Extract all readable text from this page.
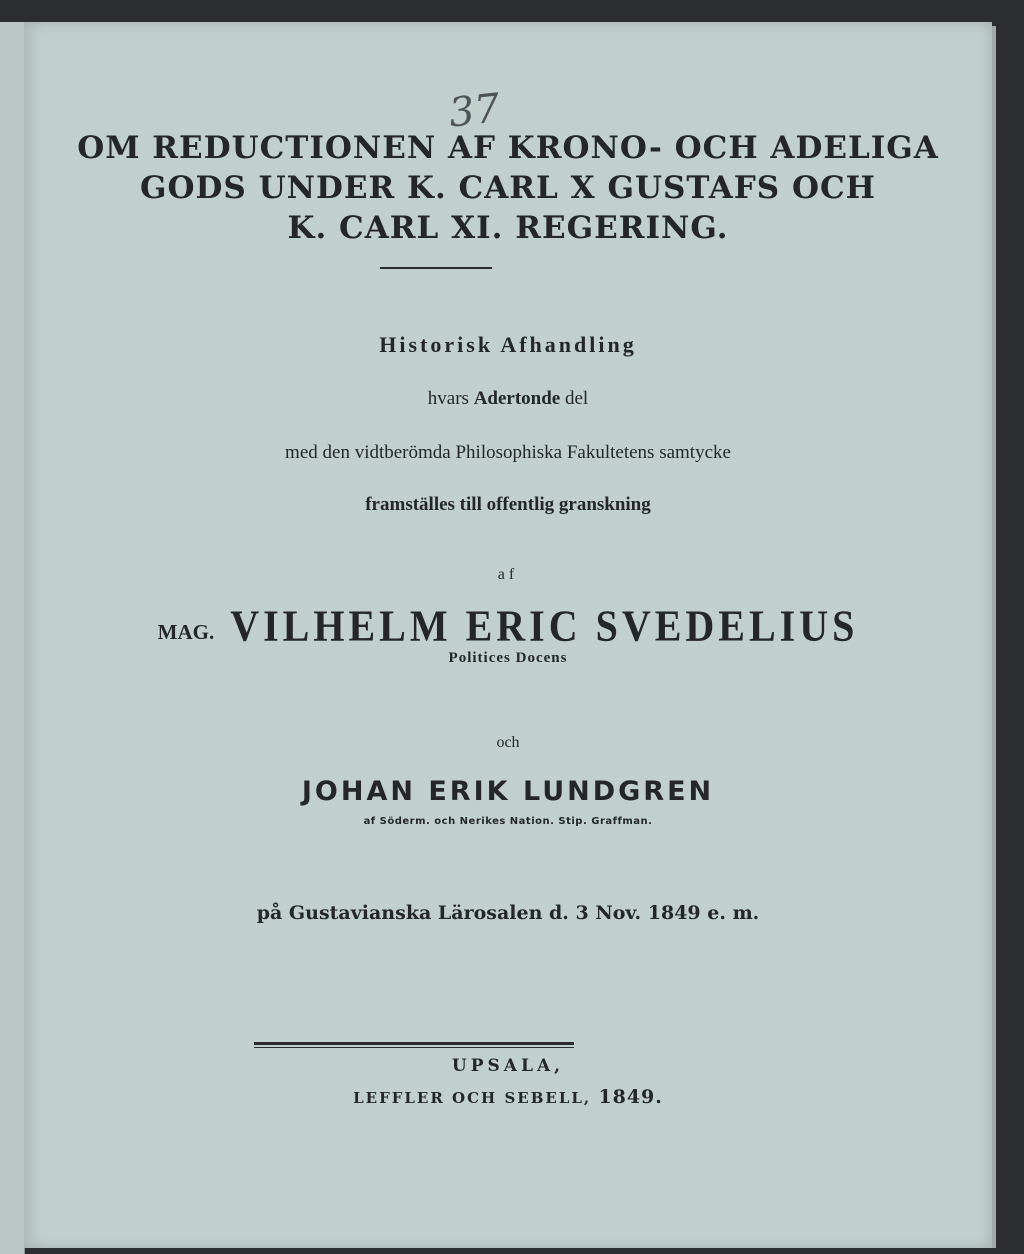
37
OM REDUCTIONEN AF KRONO- OCH ADELIGA
GODS UNDER K. CARL X GUSTAFS OCH
K. CARL XI. REGERING.
Historisk Afhandling
hvars Adertonde del
med den vidtberömda Philosophiska Fakultetens samtycke
framställes till offentlig granskning
af
MAG. VILHELM ERIC SVEDELIUS
Politices Docens
och
JOHAN ERIK LUNDGREN
af Söderm. och Nerikes Nation. Stip. Graffman.
på Gustavianska Lärosalen d. 3 Nov. 1849 e. m.
UPSALA,
LEFFLER OCH SEBELL, 1849.
